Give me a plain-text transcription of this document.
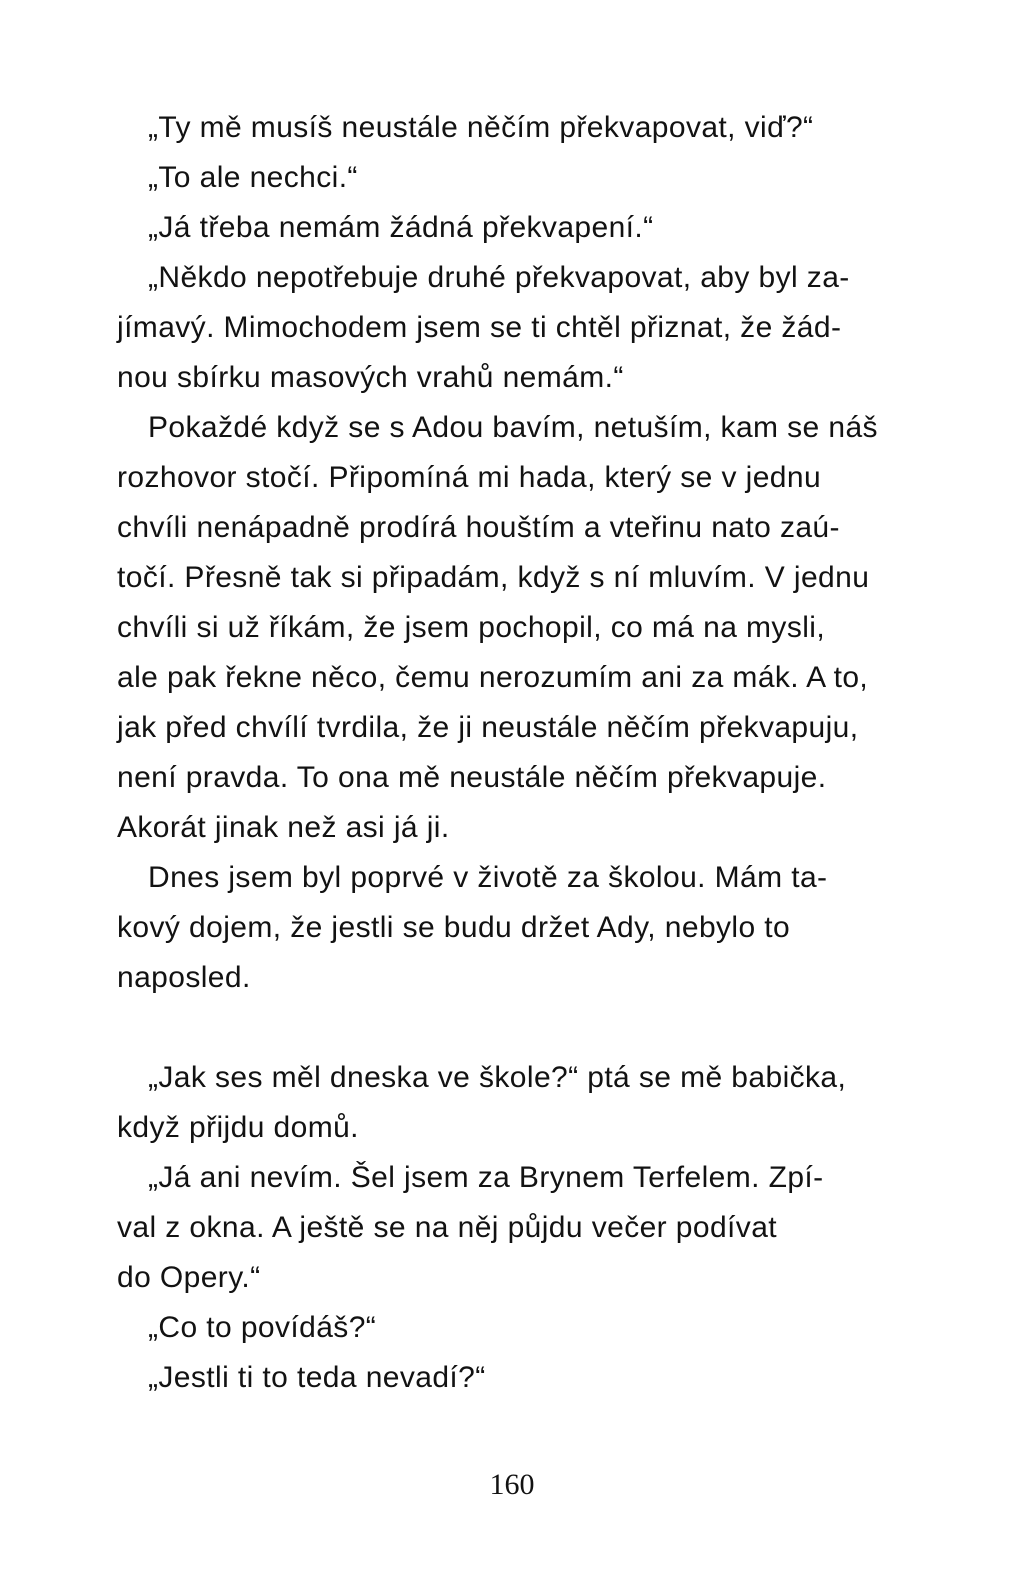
„Ty mě musíš neustále něčím překvapovat, viď?“
„To ale nechci.“
„Já třeba nemám žádná překvapení.“
„Někdo nepotřebuje druhé překvapovat, aby byl za-
jímavý. Mimochodem jsem se ti chtěl přiznat, že žád-
nou sbírku masových vrahů nemám.“
Pokaždé když se s Adou bavím, netuším, kam se náš
rozhovor stočí. Připomíná mi hada, který se v jednu
chvíli nenápadně prodírá houštím a vteřinu nato zaú-
točí. Přesně tak si připadám, když s ní mluvím. V jednu
chvíli si už říkám, že jsem pochopil, co má na mysli,
ale pak řekne něco, čemu nerozumím ani za mák. A to,
jak před chvílí tvrdila, že ji neustále něčím překvapuju,
není pravda. To ona mě neustále něčím překvapuje.
Akorát jinak než asi já ji.
Dnes jsem byl poprvé v životě za školou. Mám ta-
kový dojem, že jestli se budu držet Ady, nebylo to
naposled.
„Jak ses měl dneska ve škole?“ ptá se mě babička,
když přijdu domů.
„Já ani nevím. Šel jsem za Brynem Terfelem. Zpí-
val z okna. A ještě se na něj půjdu večer podívat
do Opery.“
„Co to povídáš?“
„Jestli ti to teda nevadí?“
160
